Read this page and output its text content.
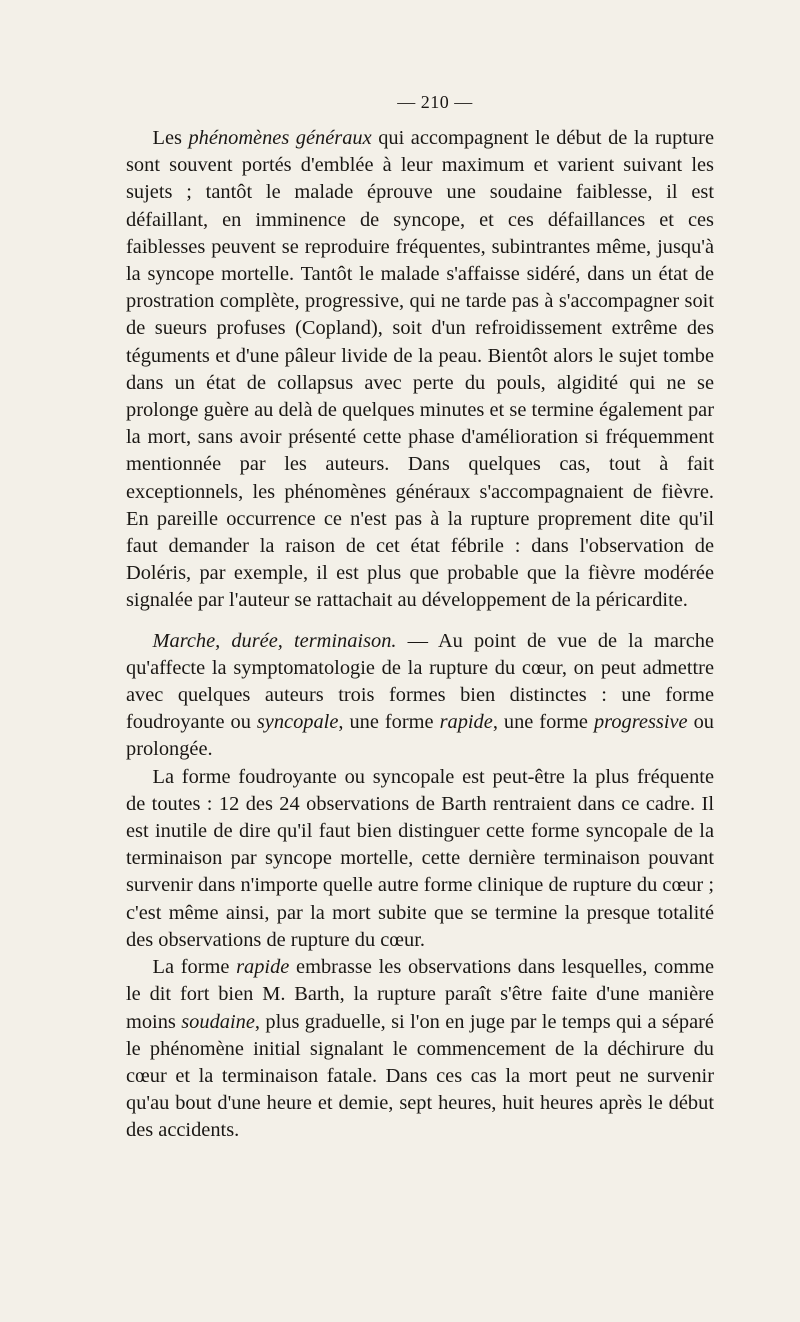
— 210 —

Les phénomènes généraux qui accompagnent le début de la rupture sont souvent portés d'emblée à leur maximum et varient suivant les sujets ; tantôt le malade éprouve une soudaine faiblesse, il est défaillant, en imminence de syncope, et ces défaillances et ces faiblesses peuvent se reproduire fréquentes, subintrantes même, jusqu'à la syncope mortelle. Tantôt le malade s'affaisse sidéré, dans un état de prostration complète, progressive, qui ne tarde pas à s'accompagner soit de sueurs profuses (Copland), soit d'un refroidissement extrême des téguments et d'une pâleur livide de la peau. Bientôt alors le sujet tombe dans un état de collapsus avec perte du pouls, algidité qui ne se prolonge guère au delà de quelques minutes et se termine également par la mort, sans avoir présenté cette phase d'amélioration si fréquemment mentionnée par les auteurs. Dans quelques cas, tout à fait exceptionnels, les phénomènes généraux s'accompagnaient de fièvre. En pareille occurrence ce n'est pas à la rupture proprement dite qu'il faut demander la raison de cet état fébrile : dans l'observation de Doléris, par exemple, il est plus que probable que la fièvre modérée signalée par l'auteur se rattachait au développement de la péricardite.

Marche, durée, terminaison. — Au point de vue de la marche qu'affecte la symptomatologie de la rupture du cœur, on peut admettre avec quelques auteurs trois formes bien distinctes : une forme foudroyante ou syncopale, une forme rapide, une forme progressive ou prolongée.

La forme foudroyante ou syncopale est peut-être la plus fréquente de toutes : 12 des 24 observations de Barth rentraient dans ce cadre. Il est inutile de dire qu'il faut bien distinguer cette forme syncopale de la terminaison par syncope mortelle, cette dernière terminaison pouvant survenir dans n'importe quelle autre forme clinique de rupture du cœur ; c'est même ainsi, par la mort subite que se termine la presque totalité des observations de rupture du cœur.

La forme rapide embrasse les observations dans lesquelles, comme le dit fort bien M. Barth, la rupture paraît s'être faite d'une manière moins soudaine, plus graduelle, si l'on en juge par le temps qui a séparé le phénomène initial signalant le commencement de la déchirure du cœur et la terminaison fatale. Dans ces cas la mort peut ne survenir qu'au bout d'une heure et demie, sept heures, huit heures après le début des accidents.
